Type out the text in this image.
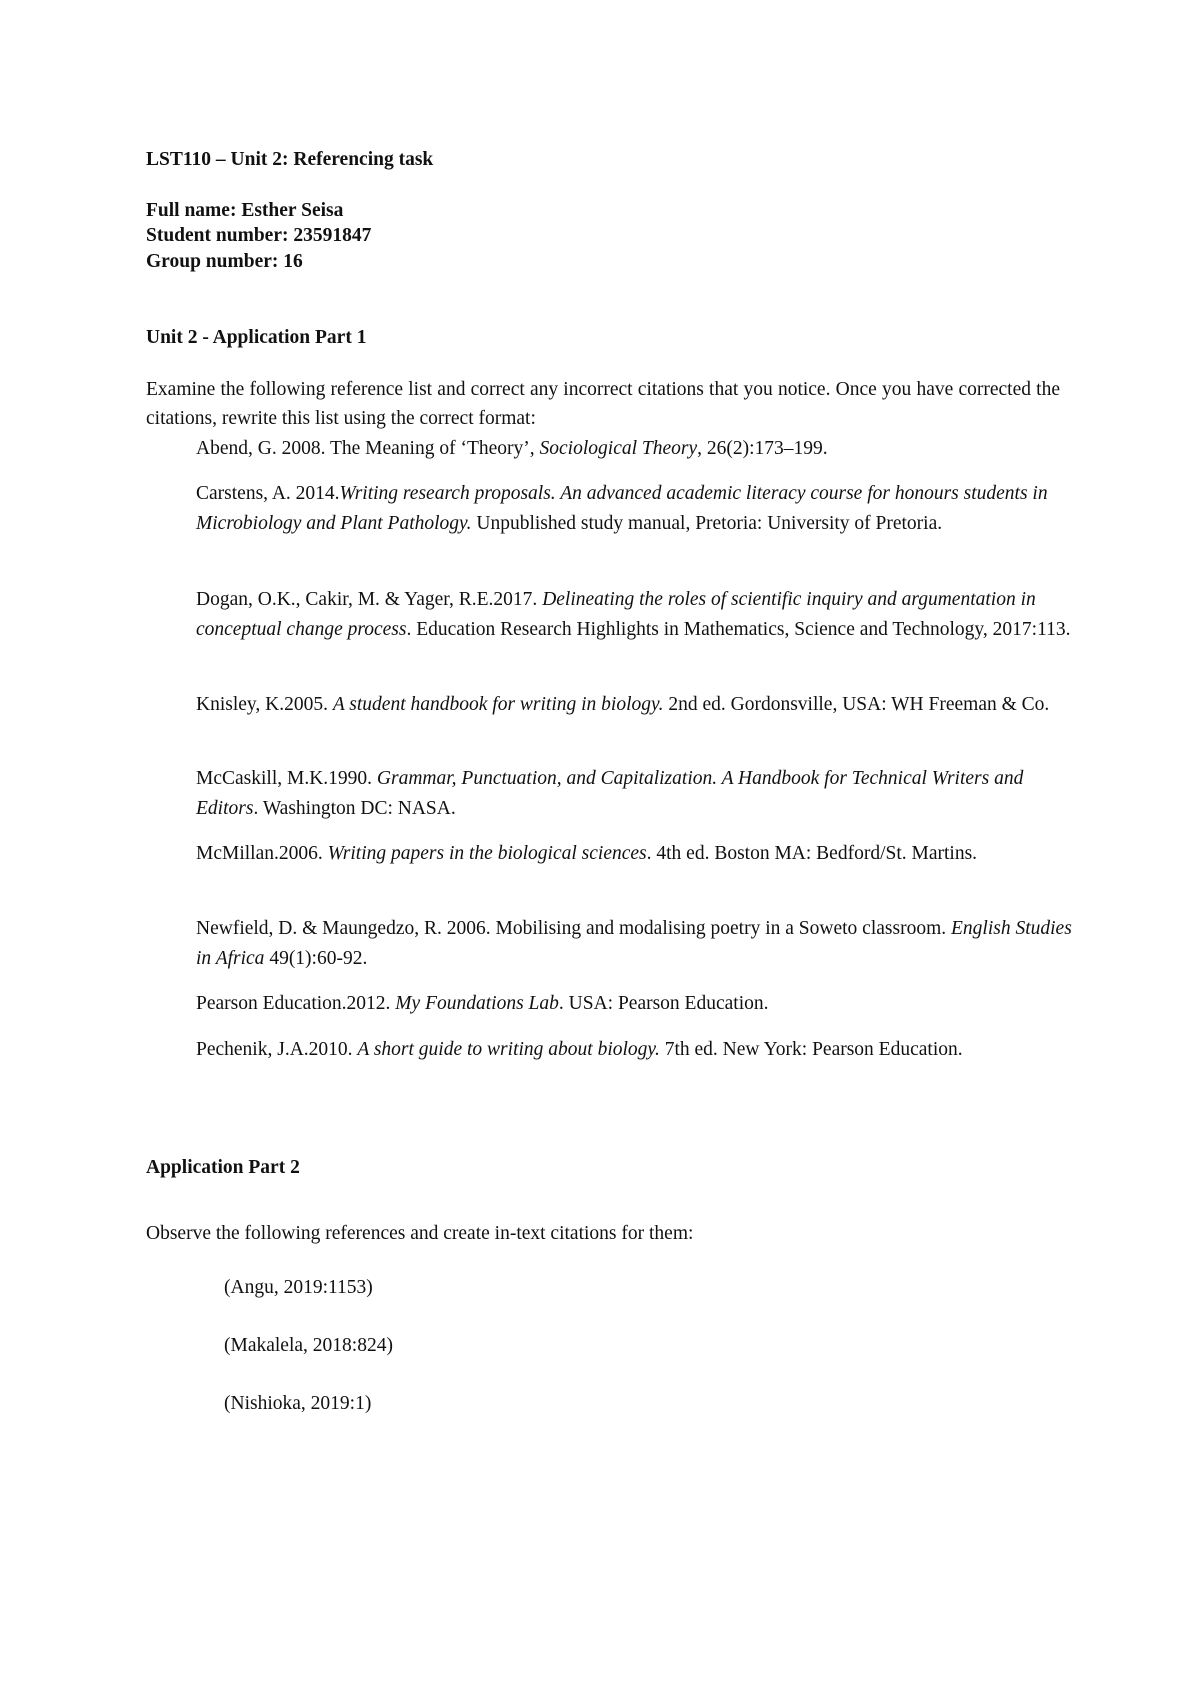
LST110 – Unit 2: Referencing task
Full name: Esther Seisa
Student number: 23591847
Group number: 16
Unit 2 - Application Part 1
Examine the following reference list and correct any incorrect citations that you notice. Once you have corrected the citations, rewrite this list using the correct format:
Abend, G. 2008. The Meaning of ‘Theory’, Sociological Theory, 26(2):173–199.
Carstens, A. 2014.Writing research proposals. An advanced academic literacy course for honours students in Microbiology and Plant Pathology. Unpublished study manual, Pretoria: University of Pretoria.
Dogan, O.K., Cakir, M. & Yager, R.E.2017. Delineating the roles of scientific inquiry and argumentation in conceptual change process. Education Research Highlights in Mathematics, Science and Technology, 2017:113.
Knisley, K.2005. A student handbook for writing in biology. 2nd ed. Gordonsville, USA: WH Freeman & Co.
McCaskill, M.K.1990. Grammar, Punctuation, and Capitalization. A Handbook for Technical Writers and Editors. Washington DC: NASA.
McMillan.2006. Writing papers in the biological sciences. 4th ed. Boston MA: Bedford/St. Martins.
Newfield, D. & Maungedzo, R. 2006. Mobilising and modalising poetry in a Soweto classroom. English Studies in Africa 49(1):60-92.
Pearson Education.2012. My Foundations Lab. USA: Pearson Education.
Pechenik, J.A.2010. A short guide to writing about biology. 7th ed. New York: Pearson Education.
Application Part 2
Observe the following references and create in-text citations for them:
(Angu, 2019:1153)
(Makalela, 2018:824)
(Nishioka, 2019:1)
